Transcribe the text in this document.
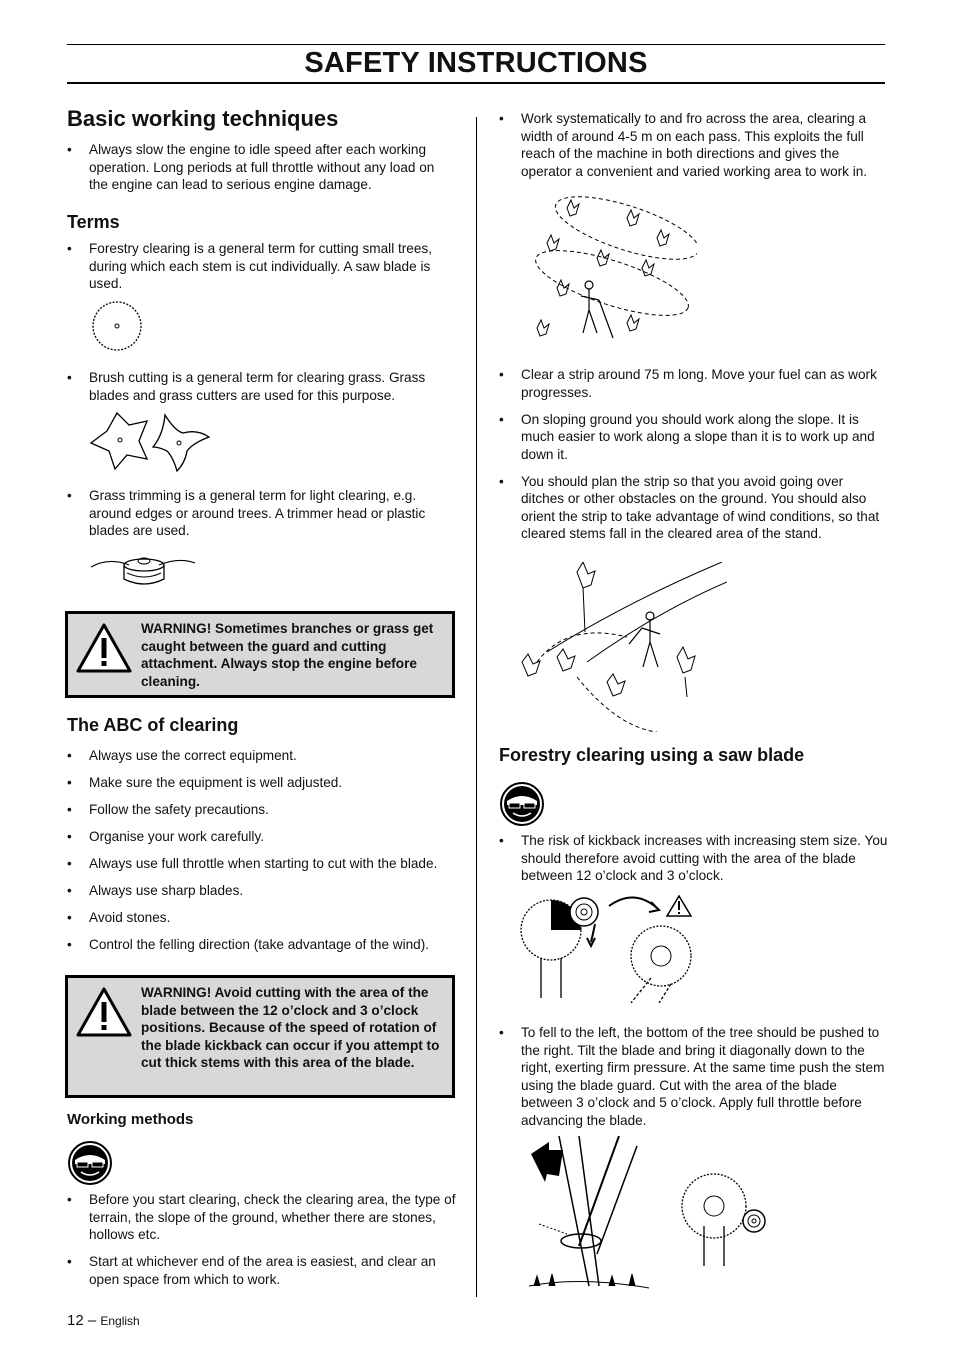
SAFETY INSTRUCTIONS
Basic working techniques
• Always slow the engine to idle speed after each working operation. Long periods at full throttle without any load on the engine can lead to serious engine damage.
Terms
• Forestry clearing is a general term for cutting small trees, during which each stem is cut individually. A saw blade is used.
• Brush cutting is a general term for clearing grass. Grass blades and grass cutters are used for this purpose.
• Grass trimming is a general term for light clearing, e.g. around edges or around trees. A trimmer head or plastic blades are used.
WARNING! Sometimes branches or grass get caught between the guard and cutting attachment. Always stop the engine before cleaning.
The ABC of clearing
• Always use the correct equipment.
• Make sure the equipment is well adjusted.
• Follow the safety precautions.
• Organise your work carefully.
• Always use full throttle when starting to cut with the blade.
• Always use sharp blades.
• Avoid stones.
• Control the felling direction (take advantage of the wind).
WARNING! Avoid cutting with the area of the blade between the 12 o’clock and 3 o’clock positions. Because of the speed of rotation of the blade kickback can occur if you attempt to cut thick stems with this area of the blade.
Working methods
• Before you start clearing, check the clearing area, the type of terrain, the slope of the ground, whether there are stones, hollows etc.
• Start at whichever end of the area is easiest, and clear an open space from which to work.
• Work systematically to and fro across the area, clearing a width of around 4-5 m on each pass. This exploits the full reach of the machine in both directions and gives the operator a convenient and varied working area to work in.
• Clear a strip around 75 m long. Move your fuel can as work progresses.
• On sloping ground you should work along the slope. It is much easier to work along a slope than it is to work up and down it.
• You should plan the strip so that you avoid going over ditches or other obstacles on the ground. You should also orient the strip to take advantage of wind conditions, so that cleared stems fall in the cleared area of the stand.
Forestry clearing using a saw blade
• The risk of kickback increases with increasing stem size. You should therefore avoid cutting with the area of the blade between 12 o’clock and 3 o’clock.
• To fell to the left, the bottom of the tree should be pushed to the right. Tilt the blade and bring it diagonally down to the right, exerting firm pressure. At the same time push the stem using the blade guard. Cut with the area of the blade between 3 o’clock and 5 o’clock. Apply full throttle before advancing the blade.
12 – English
